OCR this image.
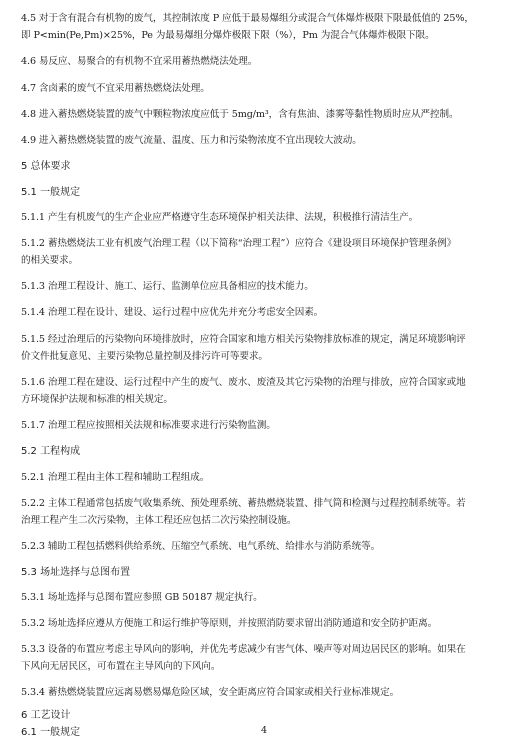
4.5 对于含有混合有机物的废气，其控制浓度 P 应低于最易爆组分或混合气体爆炸极限下限最低值的 25%，

即 P<min(Pe,Pm)×25%，Pe 为最易爆组分爆炸极限下限（%），Pm 为混合气体爆炸极限下限。

4.6 易反应、易聚合的有机物不宜采用蓄热燃烧法处理。

4.7 含卤素的废气不宜采用蓄热燃烧法处理。

4.8 进入蓄热燃烧装置的废气中颗粒物浓度应低于 5mg/m³，含有焦油、漆雾等黏性物质时应从严控制。

4.9 进入蓄热燃烧装置的废气流量、温度、压力和污染物浓度不宜出现较大波动。

5 总体要求

5.1 一般规定

5.1.1 产生有机废气的生产企业应严格遵守生态环境保护相关法律、法规，积极推行清洁生产。

5.1.2 蓄热燃烧法工业有机废气治理工程（以下简称“治理工程”）应符合《建设项目环境保护管理条例》

的相关要求。

5.1.3 治理工程设计、施工、运行、监测单位应具备相应的技术能力。

5.1.4 治理工程在设计、建设、运行过程中应优先并充分考虑安全因素。

5.1.5 经过治理后的污染物向环境排放时，应符合国家和地方相关污染物排放标准的规定，满足环境影响评

价文件批复意见、主要污染物总量控制及排污许可等要求。

5.1.6 治理工程在建设、运行过程中产生的废气、废水、废渣及其它污染物的治理与排放，应符合国家或地

方环境保护法规和标准的相关规定。

5.1.7 治理工程应按照相关法规和标准要求进行污染物监测。

5.2 工程构成

5.2.1 治理工程由主体工程和辅助工程组成。

5.2.2 主体工程通常包括废气收集系统、预处理系统、蓄热燃烧装置、排气筒和检测与过程控制系统等。若

治理工程产生二次污染物，主体工程还应包括二次污染控制设施。

5.2.3 辅助工程包括燃料供给系统、压缩空气系统、电气系统、给排水与消防系统等。

5.3 场址选择与总图布置

5.3.1 场址选择与总图布置应参照 GB 50187 规定执行。

5.3.2 场址选择应遵从方便施工和运行维护等原则，并按照消防要求留出消防通道和安全防护距离。

5.3.3 设备的布置应考虑主导风向的影响，并优先考虑减少有害气体、噪声等对周边居民区的影响。如果在

下风向无居民区，可布置在主导风向的下风向。

5.3.4 蓄热燃烧装置应远离易燃易爆危险区域，安全距离应符合国家或相关行业标准规定。

6 工艺设计

6.1 一般规定	4
